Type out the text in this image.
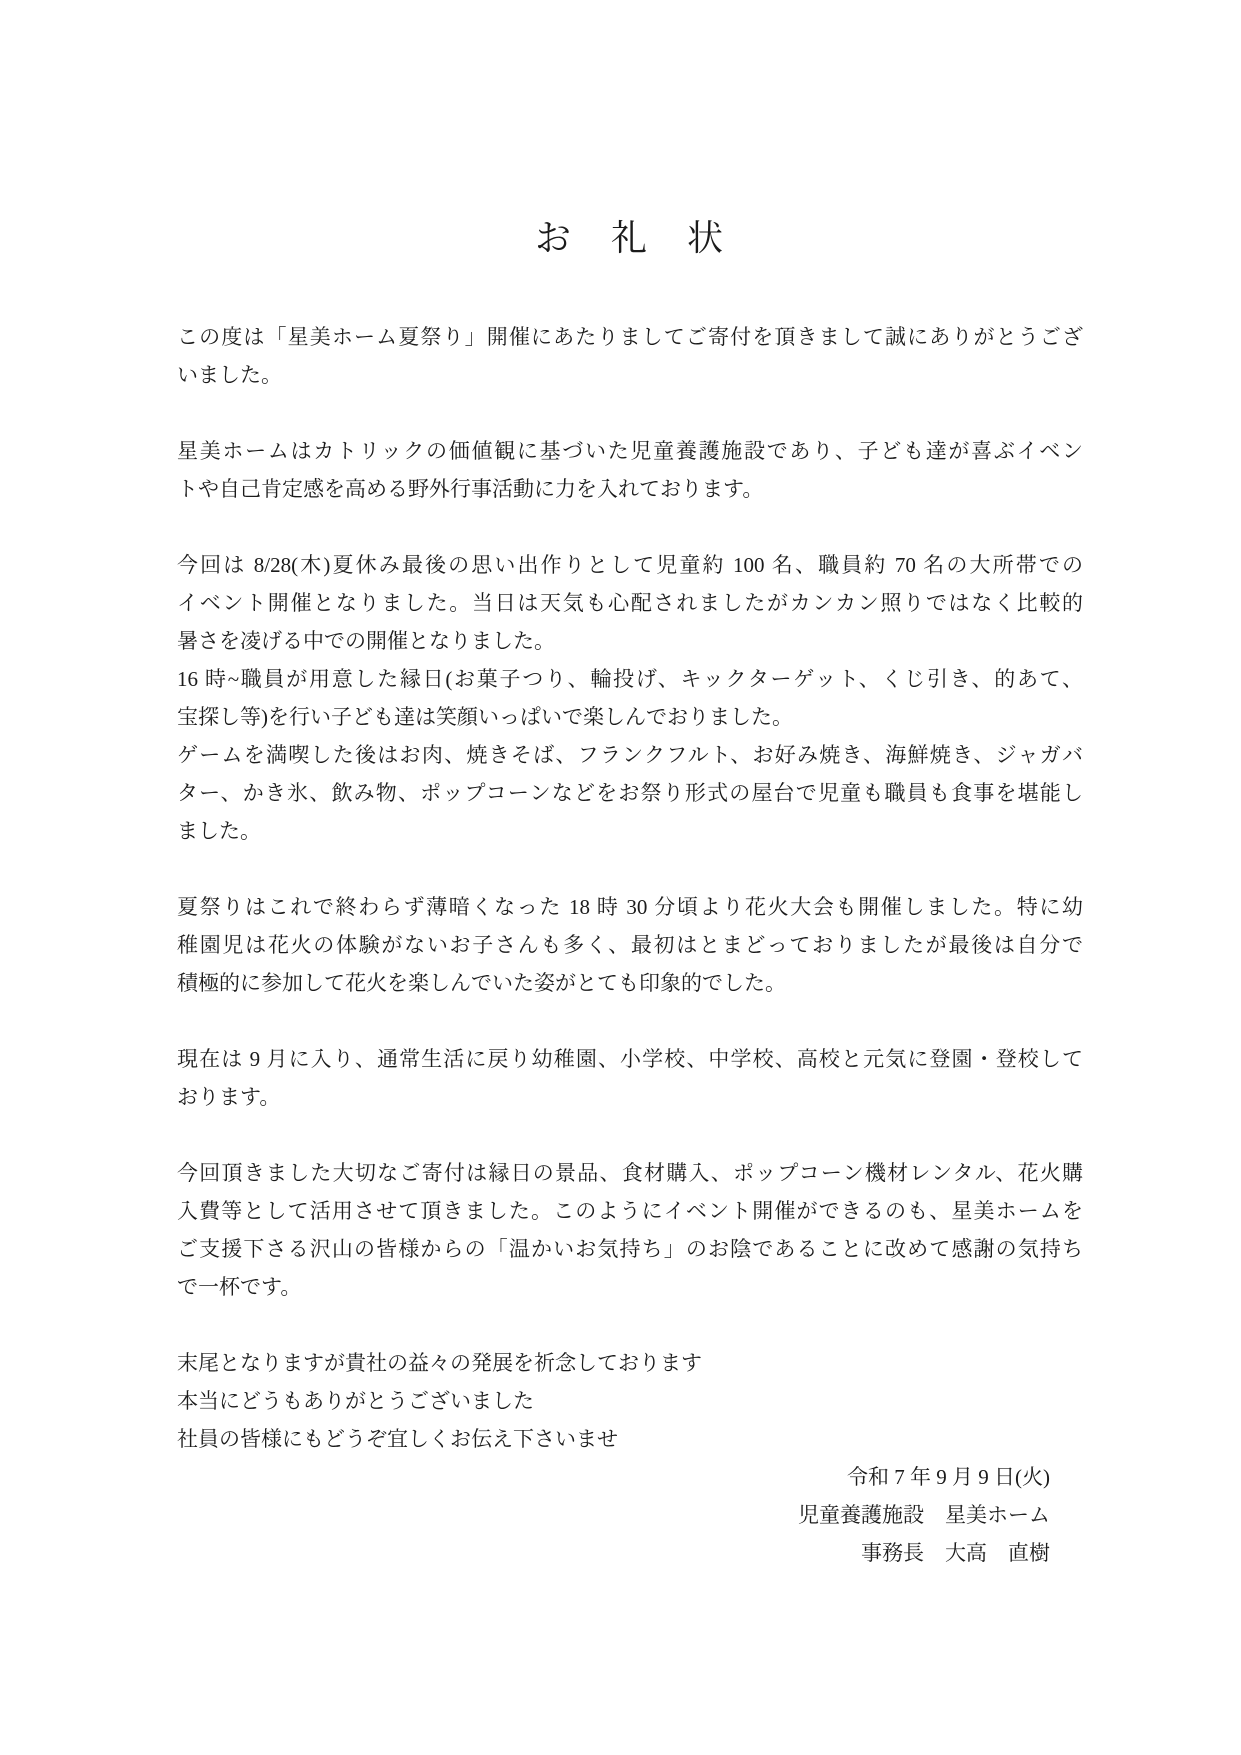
お　礼　状
この度は「星美ホーム夏祭り」開催にあたりましてご寄付を頂きまして誠にありがとうござ
いました。
星美ホームはカトリックの価値観に基づいた児童養護施設であり、子ども達が喜ぶイベン
トや自己肯定感を高める野外行事活動に力を入れております。
今回は 8/28(木)夏休み最後の思い出作りとして児童約 100 名、職員約 70 名の大所帯での
イベント開催となりました。当日は天気も心配されましたがカンカン照りではなく比較的
暑さを凌げる中での開催となりました。
16 時~職員が用意した縁日(お菓子つり、輪投げ、キックターゲット、くじ引き、的あて、
宝探し等)を行い子ども達は笑顔いっぱいで楽しんでおりました。
ゲームを満喫した後はお肉、焼きそば、フランクフルト、お好み焼き、海鮮焼き、ジャガバ
ター、かき氷、飲み物、ポップコーンなどをお祭り形式の屋台で児童も職員も食事を堪能し
ました。
夏祭りはこれで終わらず薄暗くなった 18 時 30 分頃より花火大会も開催しました。特に幼
稚園児は花火の体験がないお子さんも多く、最初はとまどっておりましたが最後は自分で
積極的に参加して花火を楽しんでいた姿がとても印象的でした。
現在は 9 月に入り、通常生活に戻り幼稚園、小学校、中学校、高校と元気に登園・登校して
おります。
今回頂きました大切なご寄付は縁日の景品、食材購入、ポップコーン機材レンタル、花火購
入費等として活用させて頂きました。このようにイベント開催ができるのも、星美ホームを
ご支援下さる沢山の皆様からの「温かいお気持ち」のお陰であることに改めて感謝の気持ち
で一杯です。
末尾となりますが貴社の益々の発展を祈念しております
本当にどうもありがとうございました
社員の皆様にもどうぞ宜しくお伝え下さいませ
令和 7 年 9 月 9 日(火)
児童養護施設　星美ホーム
事務長　大高　直樹
